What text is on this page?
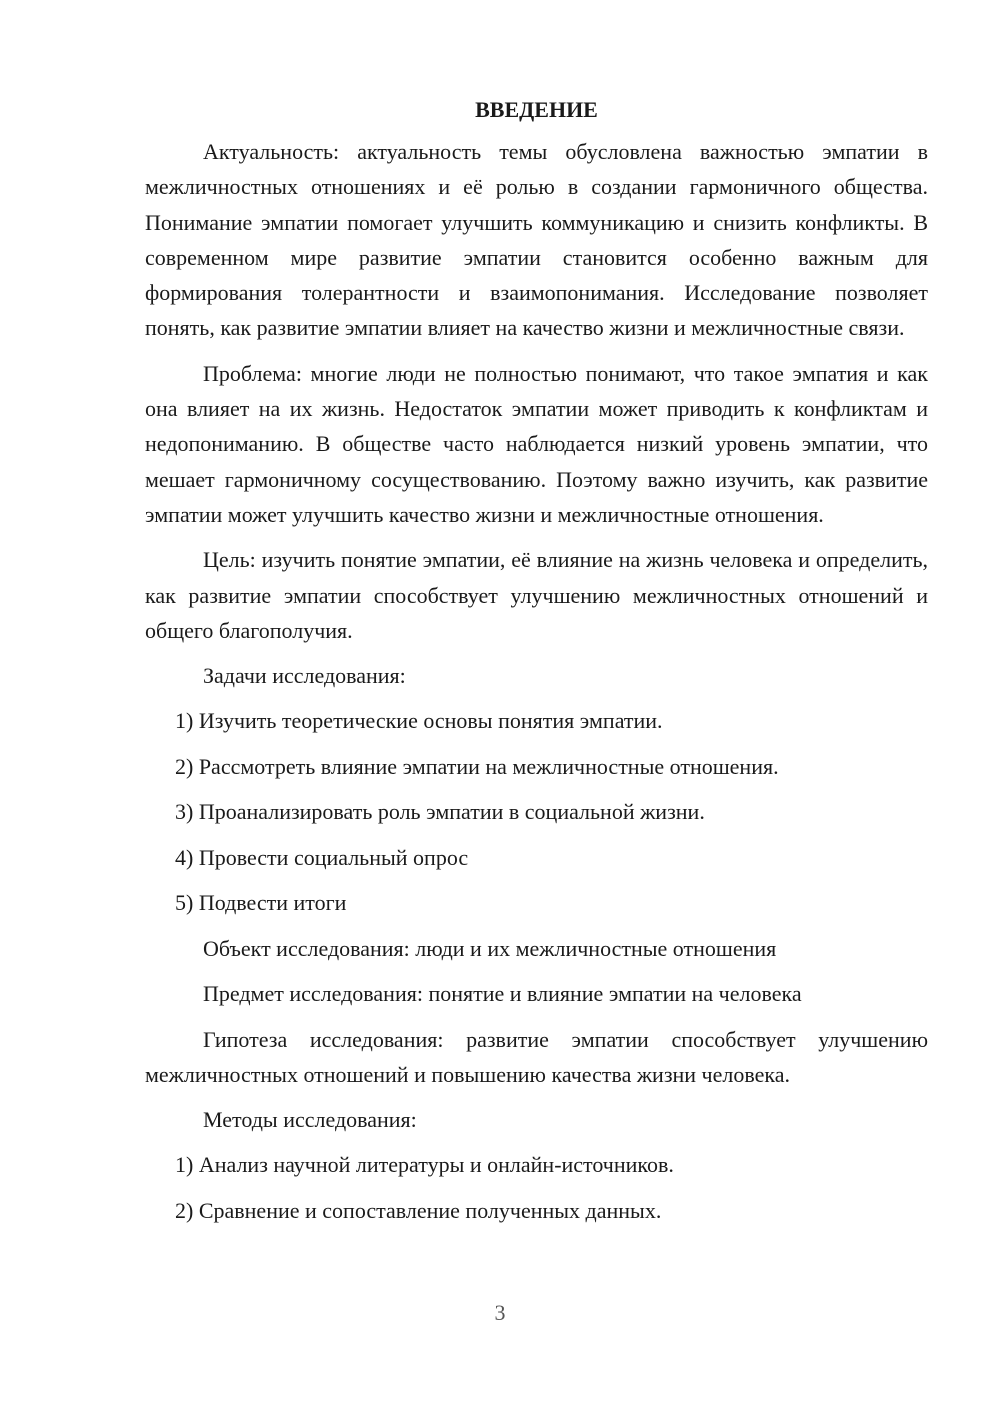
ВВЕДЕНИЕ

Актуальность: актуальность темы обусловлена важностью эмпатии в межличностных отношениях и её ролью в создании гармоничного общества. Понимание эмпатии помогает улучшить коммуникацию и снизить конфликты. В современном мире развитие эмпатии становится особенно важным для формирования толерантности и взаимопонимания. Исследование позволяет понять, как развитие эмпатии влияет на качество жизни и межличностные связи.

Проблема: многие люди не полностью понимают, что такое эмпатия и как она влияет на их жизнь. Недостаток эмпатии может приводить к конфликтам и недопониманию. В обществе часто наблюдается низкий уровень эмпатии, что мешает гармоничному сосуществованию. Поэтому важно изучить, как развитие эмпатии может улучшить качество жизни и межличностные отношения.

Цель: изучить понятие эмпатии, её влияние на жизнь человека и определить, как развитие эмпатии способствует улучшению межличностных отношений и общего благополучия.

Задачи исследования:

1) Изучить теоретические основы понятия эмпатии.
2) Рассмотреть влияние эмпатии на межличностные отношения.
3) Проанализировать роль эмпатии в социальной жизни.
4) Провести социальный опрос
5) Подвести итоги

Объект исследования: люди и их межличностные отношения

Предмет исследования: понятие и влияние эмпатии на человека

Гипотеза исследования: развитие эмпатии способствует улучшению межличностных отношений и повышению качества жизни человека.

Методы исследования:

1) Анализ научной литературы и онлайн-источников.
2) Сравнение и сопоставление полученных данных.
3
